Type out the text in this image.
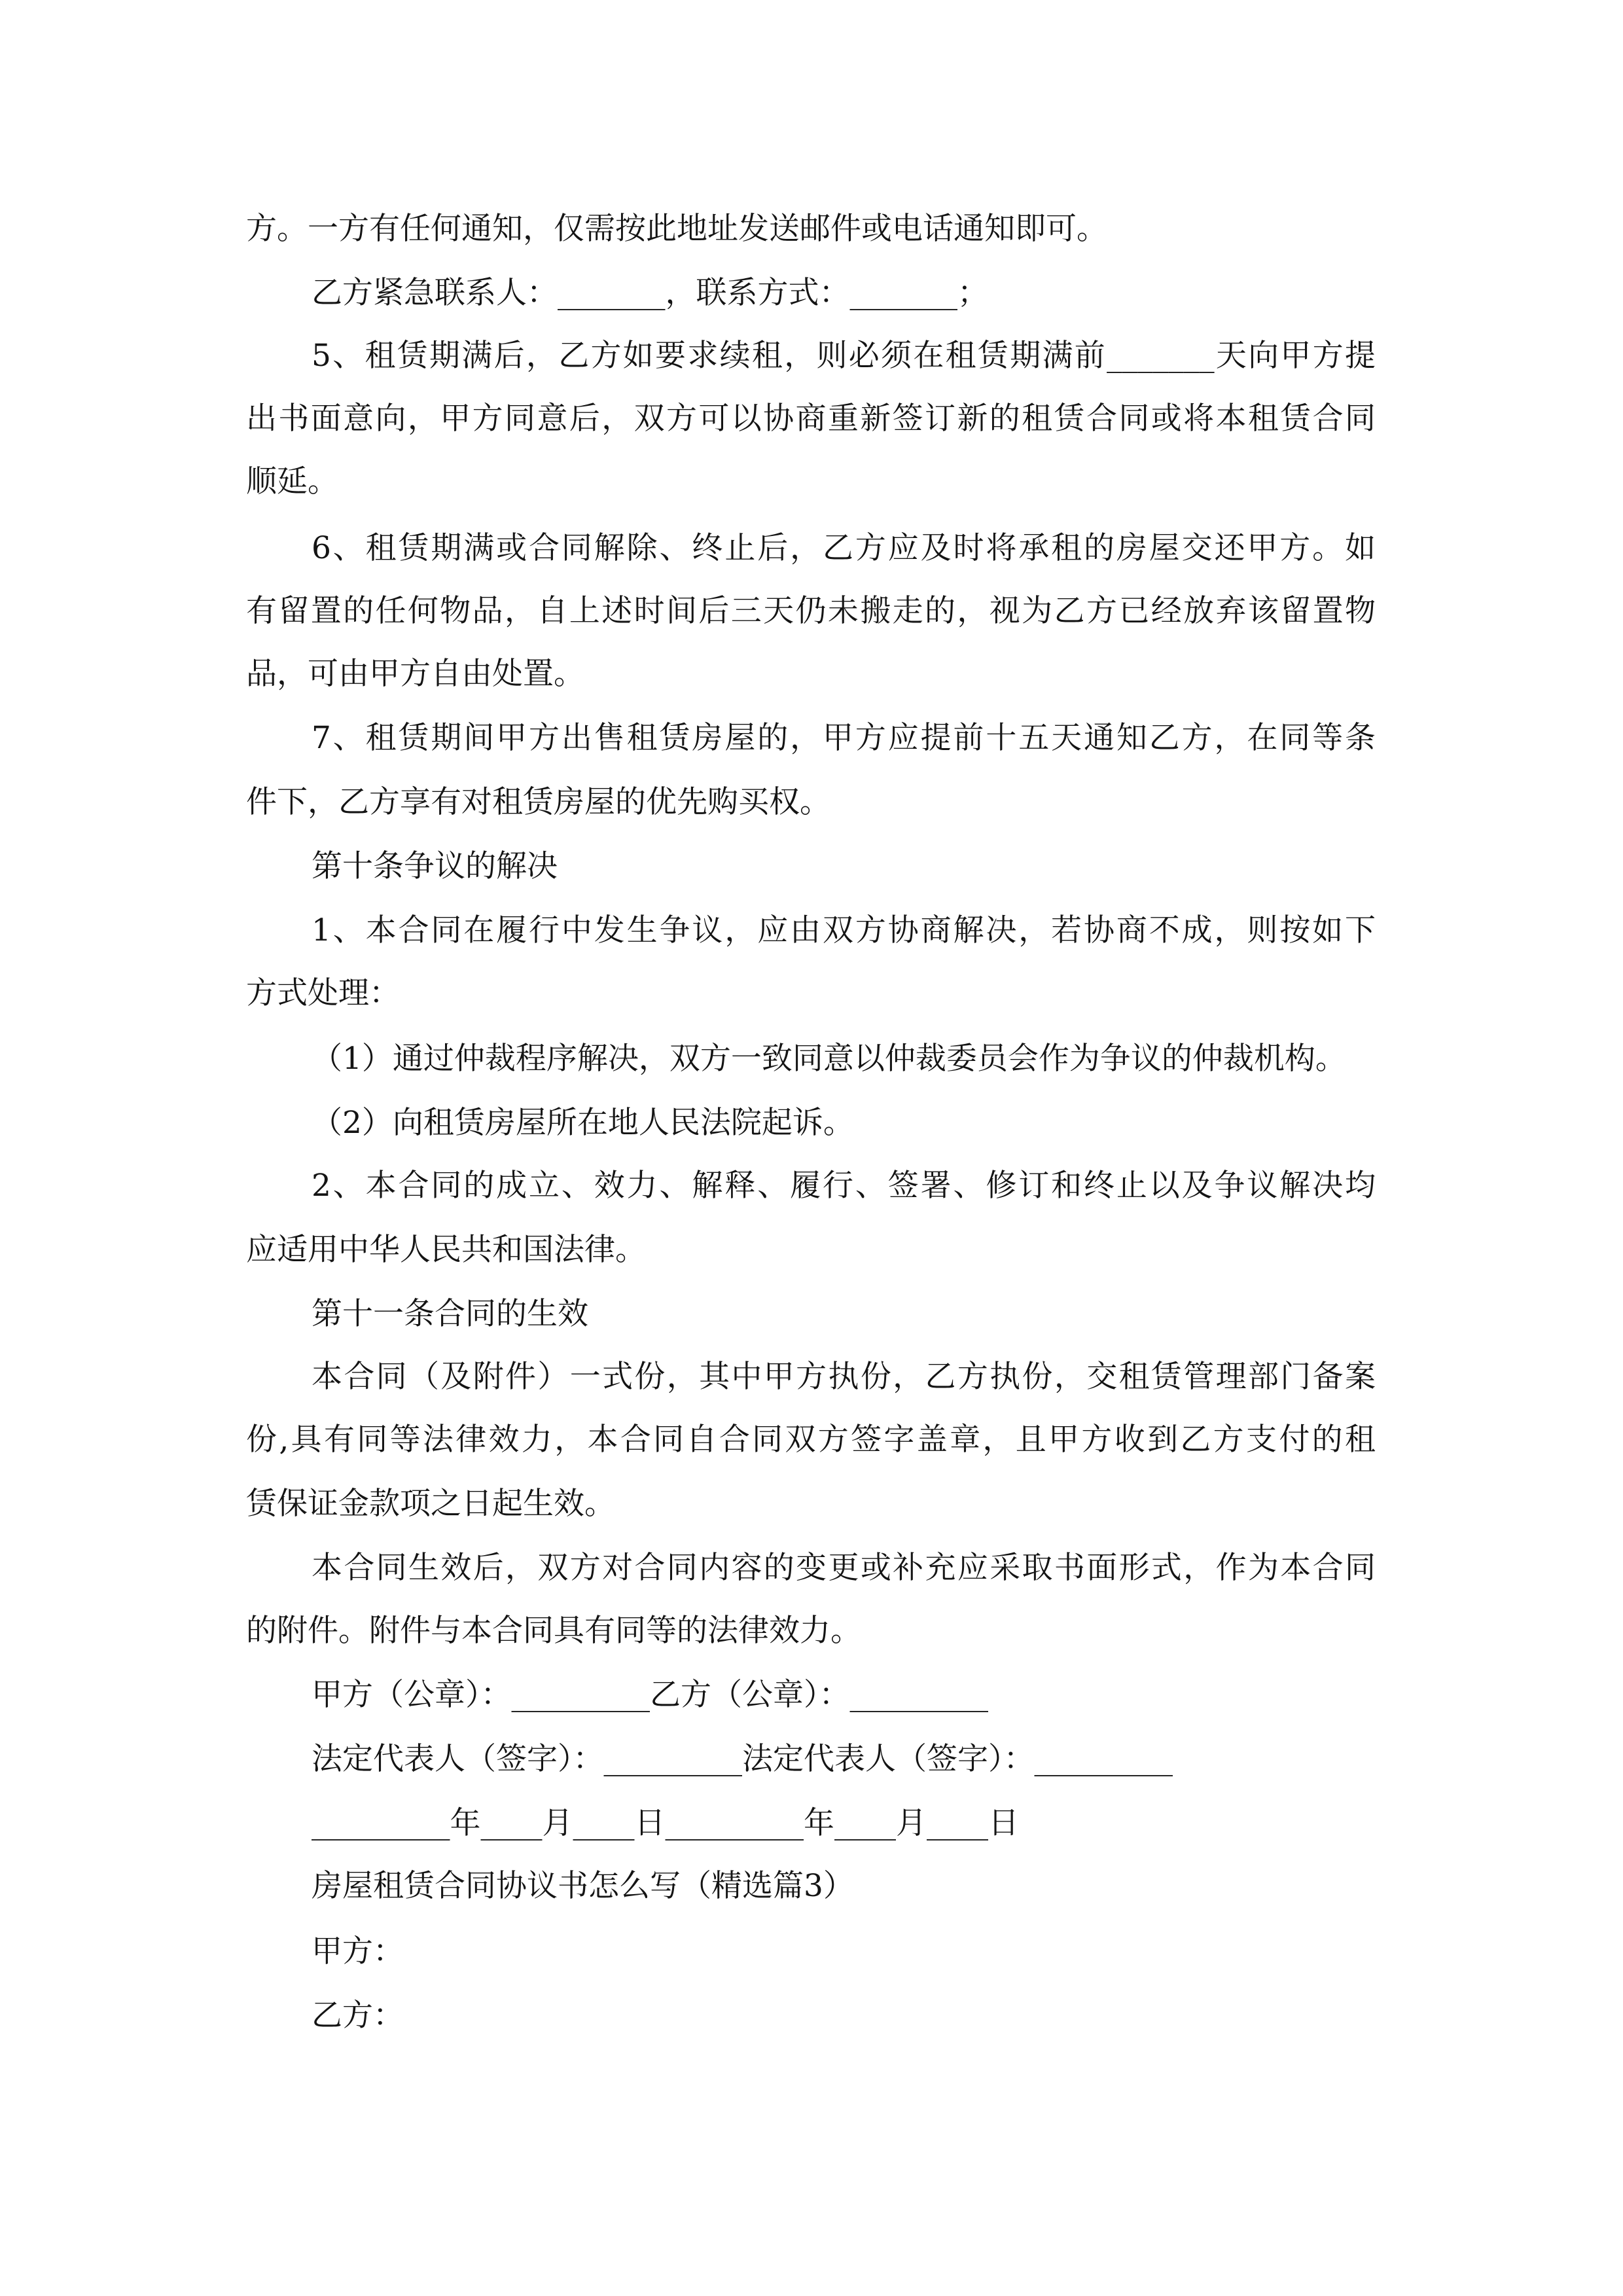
方。一方有任何通知，仅需按此地址发送邮件或电话通知即可。
乙方紧急联系人：_______，联系方式：_______；
5、租赁期满后，乙方如要求续租，则必须在租赁期满前_______天向甲方提
出书面意向，甲方同意后，双方可以协商重新签订新的租赁合同或将本租赁合同
顺延。
6、租赁期满或合同解除、终止后，乙方应及时将承租的房屋交还甲方。如
有留置的任何物品，自上述时间后三天仍未搬走的，视为乙方已经放弃该留置物
品，可由甲方自由处置。
7、租赁期间甲方出售租赁房屋的，甲方应提前十五天通知乙方，在同等条
件下，乙方享有对租赁房屋的优先购买权。
第十条争议的解决
1、本合同在履行中发生争议，应由双方协商解决，若协商不成，则按如下
方式处理：
（1）通过仲裁程序解决，双方一致同意以仲裁委员会作为争议的仲裁机构。
（2）向租赁房屋所在地人民法院起诉。
2、本合同的成立、效力、解释、履行、签署、修订和终止以及争议解决均
应适用中华人民共和国法律。
第十一条合同的生效
本合同（及附件）一式份，其中甲方执份，乙方执份，交租赁管理部门备案
份,具有同等法律效力，本合同自合同双方签字盖章，且甲方收到乙方支付的租
赁保证金款项之日起生效。
本合同生效后，双方对合同内容的变更或补充应采取书面形式，作为本合同
的附件。附件与本合同具有同等的法律效力。
甲方（公章）：_________乙方（公章）：_________
法定代表人（签字）：_________法定代表人（签字）：_________
_________年____月____日_________年____月____日
房屋租赁合同协议书怎么写（精选篇3）
甲方：
乙方：
